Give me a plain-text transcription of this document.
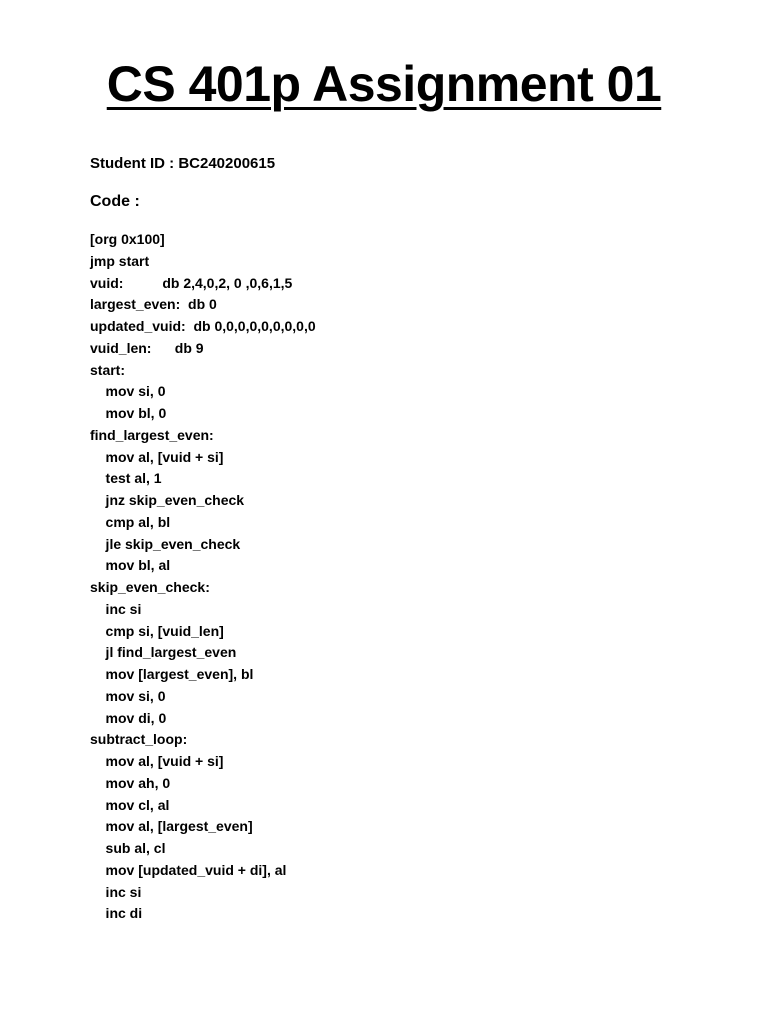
CS 401p Assignment 01
Student ID : BC240200615
Code :
[org 0x100]
jmp start
vuid:          db 2,4,0,2, 0 ,0,6,1,5
largest_even:  db 0
updated_vuid:  db 0,0,0,0,0,0,0,0,0
vuid_len:      db 9
start:
mov si, 0
mov bl, 0
find_largest_even:
mov al, [vuid + si]
test al, 1
jnz skip_even_check
cmp al, bl
jle skip_even_check
mov bl, al
skip_even_check:
inc si
cmp si, [vuid_len]
jl find_largest_even
mov [largest_even], bl
mov si, 0
mov di, 0
subtract_loop:
mov al, [vuid + si]
mov ah, 0
mov cl, al
mov al, [largest_even]
sub al, cl
mov [updated_vuid + di], al
inc si
inc di
